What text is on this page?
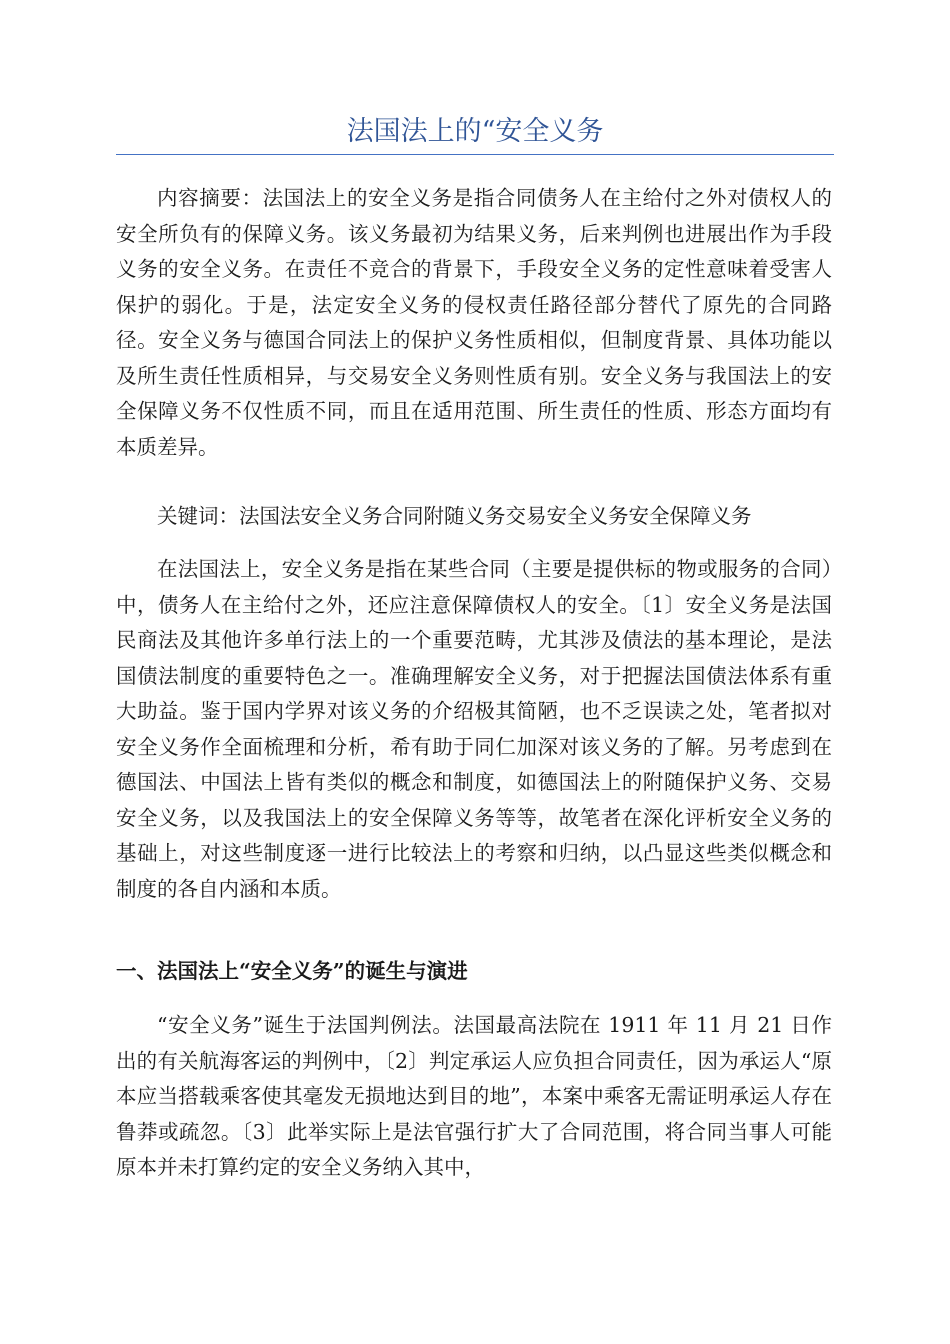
法国法上的“安全义务

内容摘要：法国法上的安全义务是指合同债务人在主给付之外对债权人的安全所负有的保障义务。该义务最初为结果义务，后来判例也进展出作为手段义务的安全义务。在责任不竞合的背景下，手段安全义务的定性意味着受害人保护的弱化。于是，法定安全义务的侵权责任路径部分替代了原先的合同路径。安全义务与德国合同法上的保护义务性质相似，但制度背景、具体功能以及所生责任性质相异，与交易安全义务则性质有别。安全义务与我国法上的安全保障义务不仅性质不同，而且在适用范围、所生责任的性质、形态方面均有本质差异。

关键词：法国法安全义务合同附随义务交易安全义务安全保障义务

在法国法上，安全义务是指在某些合同（主要是提供标的物或服务的合同）中，债务人在主给付之外，还应注意保障债权人的安全。〔1〕安全义务是法国民商法及其他许多单行法上的一个重要范畴，尤其涉及债法的基本理论，是法国债法制度的重要特色之一。准确理解安全义务，对于把握法国债法体系有重大助益。鉴于国内学界对该义务的介绍极其简陋，也不乏误读之处，笔者拟对安全义务作全面梳理和分析，希有助于同仁加深对该义务的了解。另考虑到在德国法、中国法上皆有类似的概念和制度，如德国法上的附随保护义务、交易安全义务，以及我国法上的安全保障义务等等，故笔者在深化评析安全义务的基础上，对这些制度逐一进行比较法上的考察和归纳，以凸显这些类似概念和制度的各自内涵和本质。

一、法国法上“安全义务”的诞生与演进

“安全义务”诞生于法国判例法。法国最高法院在 1911 年 11 月 21 日作出的有关航海客运的判例中，〔2〕判定承运人应负担合同责任，因为承运人“原本应当搭载乘客使其毫发无损地达到目的地”，本案中乘客无需证明承运人存在鲁莽或疏忽。〔3〕此举实际上是法官强行扩大了合同范围，将合同当事人可能原本并未打算约定的安全义务纳入其中，
